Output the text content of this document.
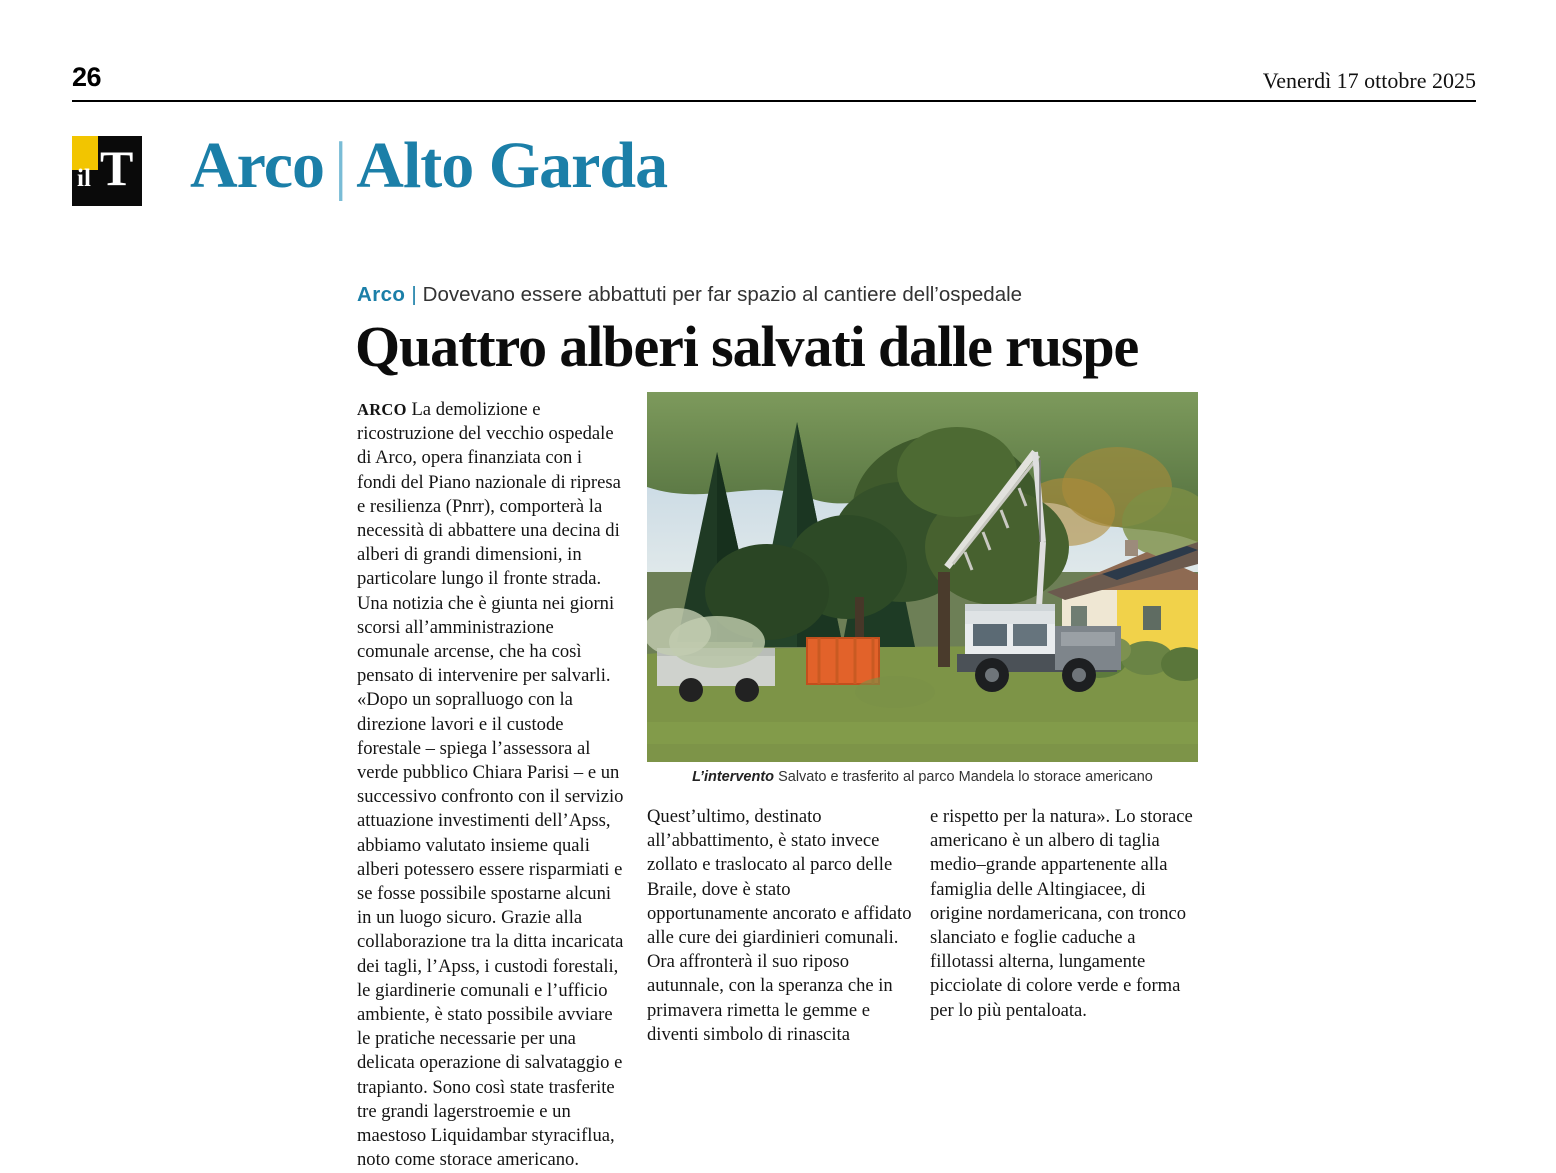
26	Venerdì 17 ottobre 2025
il T Arco | Alto Garda
Arco | Dovevano essere abbattuti per far spazio al cantiere dell’ospedale
Quattro alberi salvati dalle ruspe
ARCO La demolizione e ricostruzione del vecchio ospedale di Arco, opera finanziata con i fondi del Piano nazionale di ripresa e resilienza (Pnrr), comporterà la necessità di abbattere una decina di alberi di grandi dimensioni, in particolare lungo il fronte strada. Una notizia che è giunta nei giorni scorsi all’amministrazione comunale arcense, che ha così pensato di intervenire per salvarli. «Dopo un sopralluogo con la direzione lavori e il custode forestale – spiega l’assessora al verde pubblico Chiara Parisi – e un successivo confronto con il servizio attuazione investimenti dell’Apss, abbiamo valutato insieme quali alberi potessero essere risparmiati e se fosse possibile spostarne alcuni in un luogo sicuro. Grazie alla collaborazione tra la ditta incaricata dei tagli, l’Apss, i custodi forestali, le giardinerie comunali e l’ufficio ambiente, è stato possibile avviare le pratiche necessarie per una delicata operazione di salvataggio e trapianto. Sono così state trasferite tre grandi lagerstroemie e un maestoso Liquidambar styraciflua, noto come storace americano.
L’intervento Salvato e trasferito al parco Mandela lo storace americano
Quest’ultimo, destinato all’abbattimento, è stato invece zollato e traslocato al parco delle Braile, dove è stato opportunamente ancorato e affidato alle cure dei giardinieri comunali. Ora affronterà il suo riposo autunnale, con la speranza che in primavera rimetta le gemme e diventi simbolo di rinascita
e rispetto per la natura». Lo storace americano è un albero di taglia medio–grande appartenente alla famiglia delle Altingiacee, di origine nordamericana, con tronco slanciato e foglie caduche a fillotassi alterna, lungamente picciolate di colore verde e forma per lo più pentaloata.
